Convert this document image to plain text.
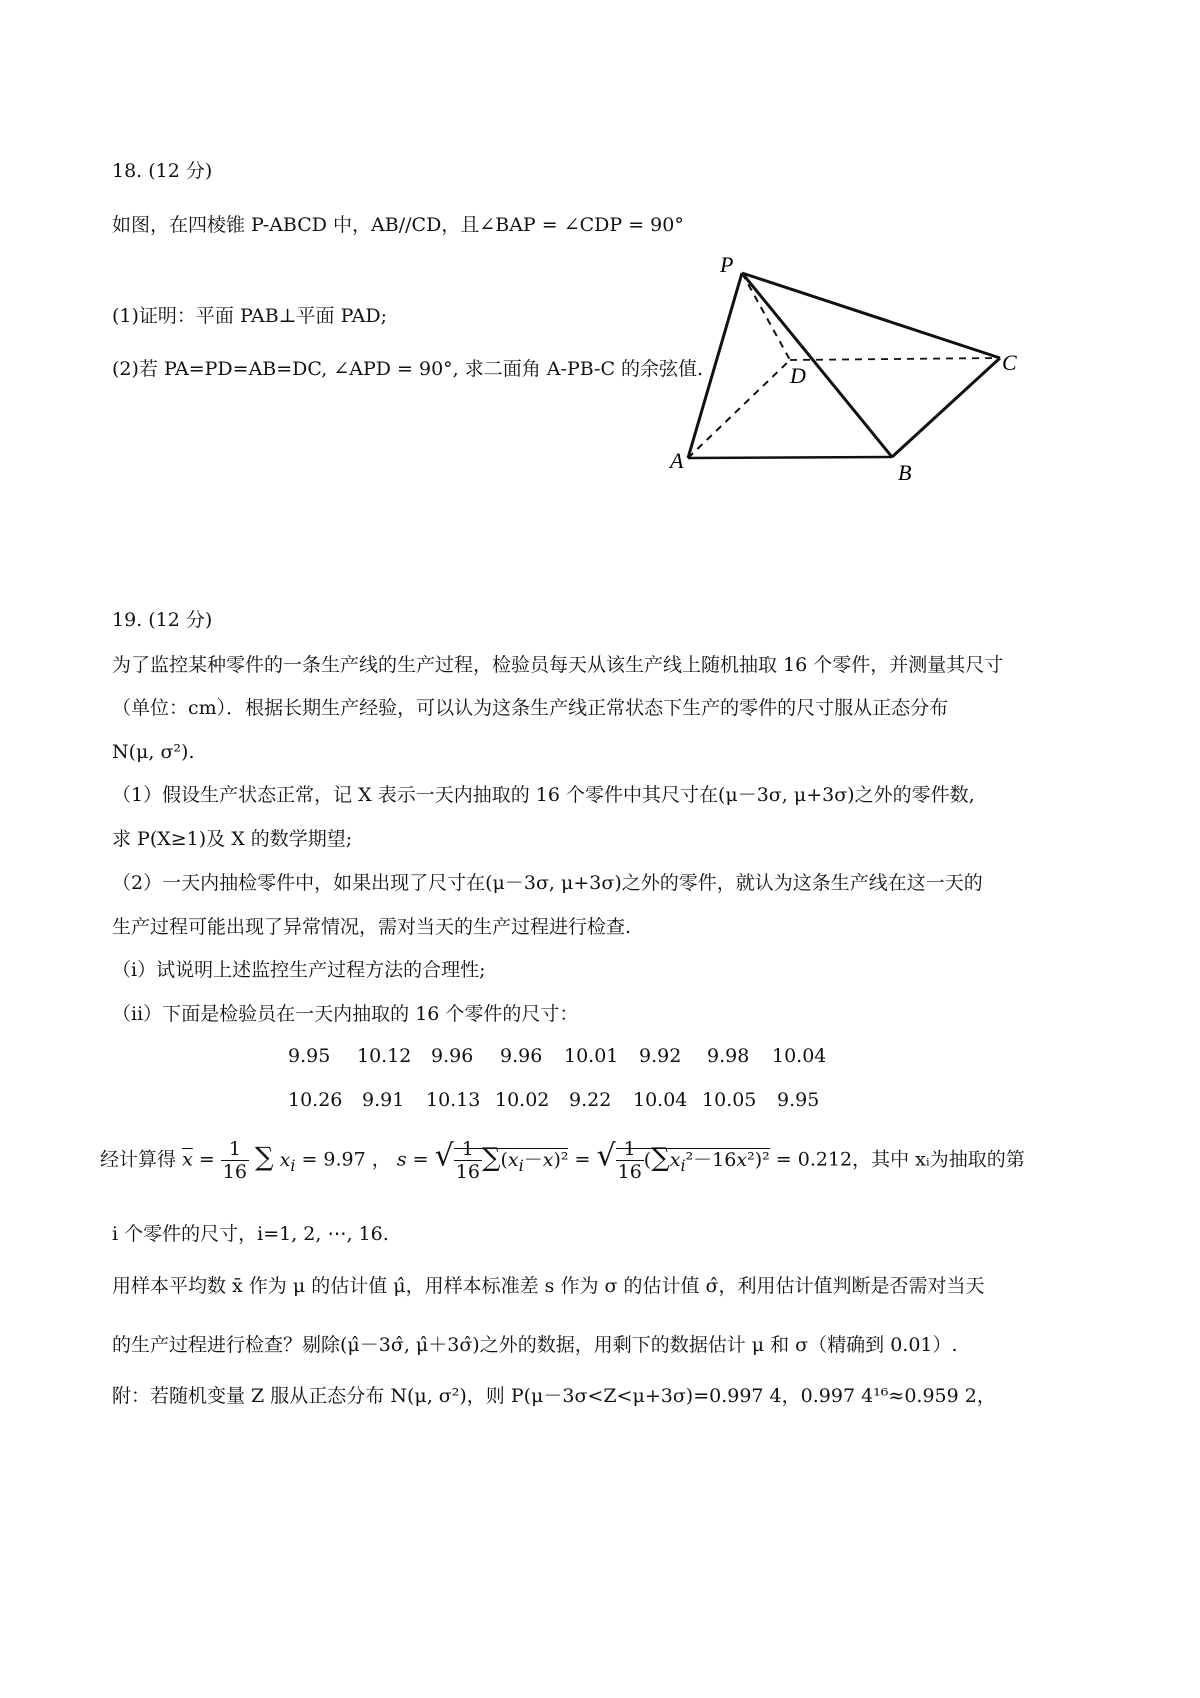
18. (12 分)
如图，在四棱锥 P-ABCD 中，AB//CD，且∠BAP = ∠CDP = 90°
(1)证明：平面 PAB⊥平面 PAD;
(2)若 PA=PD=AB=DC, ∠APD = 90°, 求二面角 A-PB-C 的余弦值.
P
D
C
A	B
19. (12 分)
为了监控某种零件的一条生产线的生产过程，检验员每天从该生产线上随机抽取 16 个零件，并测量其尺寸
（单位：cm）．根据长期生产经验，可以认为这条生产线正常状态下生产的零件的尺寸服从正态分布
N(μ, σ²).
（1）假设生产状态正常，记 X 表示一天内抽取的 16 个零件中其尺寸在(μ－3σ, μ+3σ)之外的零件数,
求 P(X≥1)及 X 的数学期望;
（2）一天内抽检零件中，如果出现了尺寸在(μ－3σ, μ+3σ)之外的零件，就认为这条生产线在这一天的
生产过程可能出现了异常情况，需对当天的生产过程进行检查.
（ⅰ）试说明上述监控生产过程方法的合理性;
（ⅱ）下面是检验员在一天内抽取的 16 个零件的尺寸：
9.95 10.12 9.96 9.96 10.01 9.92 9.98 10.04
10.26 9.91 10.13 10.02 9.22 10.04 10.05 9.95
经计算得 $\overline{x} = \frac{1}{16}$ ∑ $x_i = 9.97$ ， s = √ $\frac{1}{16} \sum(x_i-\overline{x})^2$ = √ $\frac{1}{16} (\sum x_i^2-16\overline{x}^2)^2 = 0.212$，其中 xᵢ为抽取的第
i 个零件的尺寸，i=1, 2, ⋯, 16.
用样本平均数 x̄ 作为 μ 的估计值 μ̂，用样本标准差 s 作为 σ 的估计值 σ̂，利用估计值判断是否需对当天
的生产过程进行检查？剔除(μ̂－3σ̂, μ̂＋3σ̂)之外的数据，用剩下的数据估计 μ 和 σ（精确到 0.01）.
附：若随机变量 Z 服从正态分布 N(μ, σ²)，则 P(μ－3σ<Z<μ+3σ)=0.997 4，0.997 4¹⁶≈0.959 2，
